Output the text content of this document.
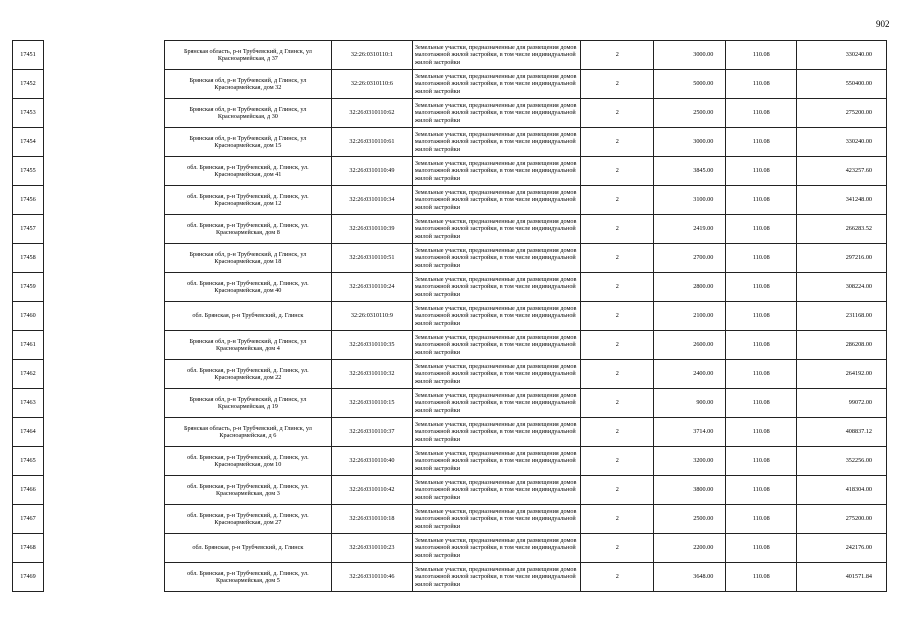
902
17451		Брянская область, р-н Трубчевский, д Глинск, ул Красноармейская, д 37	32:26:0310110:1	Земельные участки, предназначенные для размещения домов малоэтажной жилой застройки, в том числе индивидуальной жилой застройки	2	3000.00	110.08	330240.00
17452		Брянская обл, р-н Трубчевский, д Глинск, ул Красноармейская, дом 32	32:26:0310110:6	Земельные участки, предназначенные для размещения домов малоэтажной жилой застройки, в том числе индивидуальной жилой застройки	2	5000.00	110.08	550400.00
17453		Брянская обл, р-н Трубчевский, д Глинск, ул Красноармейская, д 30	32:26:0310110:62	Земельные участки, предназначенные для размещения домов малоэтажной жилой застройки, в том числе индивидуальной жилой застройки	2	2500.00	110.08	275200.00
17454		Брянская обл, р-н Трубчевский, д Глинск, ул Красноармейская, дом 15	32:26:0310110:61	Земельные участки, предназначенные для размещения домов малоэтажной жилой застройки, в том числе индивидуальной жилой застройки	2	3000.00	110.08	330240.00
17455		обл. Брянская, р-н Трубчевский, д. Глинск, ул. Красноармейская, дом 41	32:26:0310110:49	Земельные участки, предназначенные для размещения домов малоэтажной жилой застройки, в том числе индивидуальной жилой застройки	2	3845.00	110.08	423257.60
17456		обл. Брянская, р-н Трубчевский, д. Глинск, ул. Красноармейская, дом 12	32:26:0310110:34	Земельные участки, предназначенные для размещения домов малоэтажной жилой застройки, в том числе индивидуальной жилой застройки	2	3100.00	110.08	341248.00
17457		обл. Брянская, р-н Трубчевский, д. Глинск, ул. Красноармейская, дом 8	32:26:0310110:39	Земельные участки, предназначенные для размещения домов малоэтажной жилой застройки, в том числе индивидуальной жилой застройки	2	2419.00	110.08	266283.52
17458		Брянская обл, р-н Трубчевский, д Глинск, ул Красноармейская, дом 18	32:26:0310110:51	Земельные участки, предназначенные для размещения домов малоэтажной жилой застройки, в том числе индивидуальной жилой застройки	2	2700.00	110.08	297216.00
17459		обл. Брянская, р-н Трубчевский, д. Глинск, ул. Красноармейская, дом 40	32:26:0310110:24	Земельные участки, предназначенные для размещения домов малоэтажной жилой застройки, в том числе индивидуальной жилой застройки	2	2800.00	110.08	308224.00
17460		обл. Брянская, р-н Трубчевский, д. Глинск	32:26:0310110:9	Земельные участки, предназначенные для размещения домов малоэтажной жилой застройки, в том числе индивидуальной жилой застройки	2	2100.00	110.08	231168.00
17461		Брянская обл, р-н Трубчевский, д Глинск, ул Красноармейская, дом 4	32:26:0310110:35	Земельные участки, предназначенные для размещения домов малоэтажной жилой застройки, в том числе индивидуальной жилой застройки	2	2600.00	110.08	286208.00
17462		обл. Брянская, р-н Трубчевский, д. Глинск, ул. Красноармейская, дом 22	32:26:0310110:32	Земельные участки, предназначенные для размещения домов малоэтажной жилой застройки, в том числе индивидуальной жилой застройки	2	2400.00	110.08	264192.00
17463		Брянская обл, р-н Трубчевский, д Глинск, ул Красноармейская, д 19	32:26:0310110:15	Земельные участки, предназначенные для размещения домов малоэтажной жилой застройки, в том числе индивидуальной жилой застройки	2	900.00	110.08	99072.00
17464		Брянская область, р-н Трубчевский, д Глинск, ул Красноармейская, д 6	32:26:0310110:37	Земельные участки, предназначенные для размещения домов малоэтажной жилой застройки, в том числе индивидуальной жилой застройки	2	3714.00	110.08	408837.12
17465		обл. Брянская, р-н Трубчевский, д. Глинск, ул. Красноармейская, дом 10	32:26:0310110:40	Земельные участки, предназначенные для размещения домов малоэтажной жилой застройки, в том числе индивидуальной жилой застройки	2	3200.00	110.08	352256.00
17466		обл. Брянская, р-н Трубчевский, д. Глинск, ул. Красноармейская, дом 3	32:26:0310110:42	Земельные участки, предназначенные для размещения домов малоэтажной жилой застройки, в том числе индивидуальной жилой застройки	2	3800.00	110.08	418304.00
17467		обл. Брянская, р-н Трубчевский, д. Глинск, ул. Красноармейская, дом 27	32:26:0310110:18	Земельные участки, предназначенные для размещения домов малоэтажной жилой застройки, в том числе индивидуальной жилой застройки	2	2500.00	110.08	275200.00
17468		обл. Брянская, р-н Трубчевский, д. Глинск	32:26:0310110:23	Земельные участки, предназначенные для размещения домов малоэтажной жилой застройки, в том числе индивидуальной жилой застройки	2	2200.00	110.08	242176.00
17469		обл. Брянская, р-н Трубчевский, д. Глинск, ул. Красноармейская, дом 5	32:26:0310110:46	Земельные участки, предназначенные для размещения домов малоэтажной жилой застройки, в том числе индивидуальной жилой застройки	2	3648.00	110.08	401571.84
